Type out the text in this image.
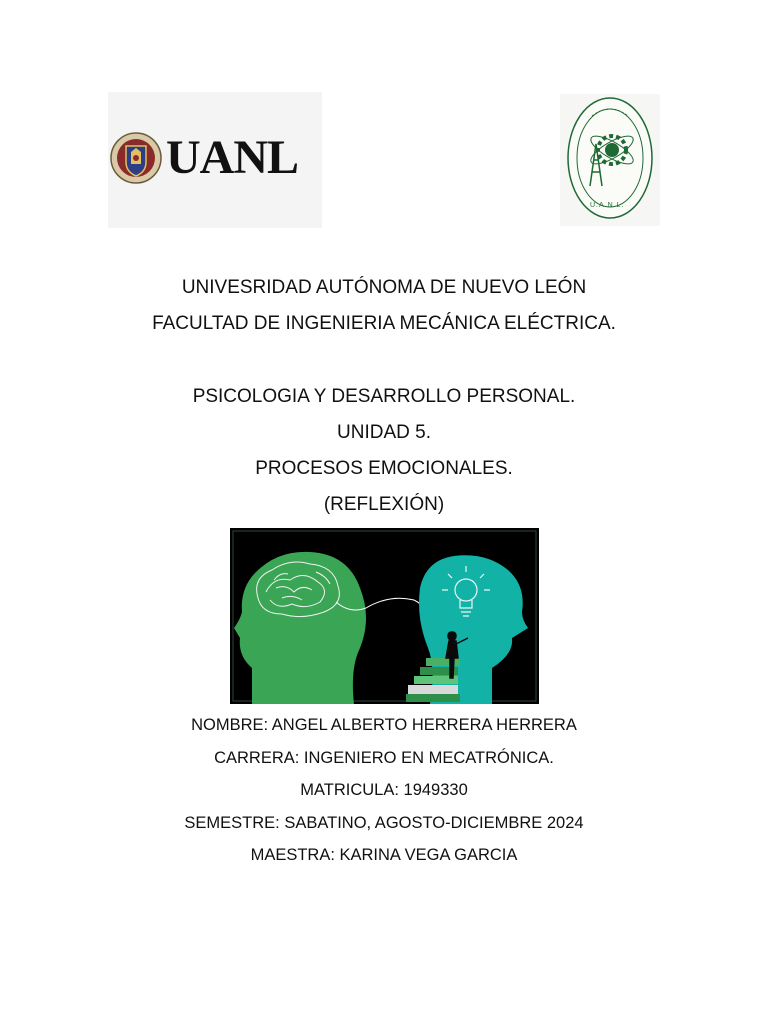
UANL
U.A.N.L.
UNIVESRIDAD AUTÓNOMA DE NUEVO LEÓN
FACULTAD DE INGENIERIA MECÁNICA ELÉCTRICA.
PSICOLOGIA Y DESARROLLO PERSONAL.
UNIDAD 5.
PROCESOS EMOCIONALES.
(REFLEXIÓN)
NOMBRE: ANGEL ALBERTO HERRERA HERRERA
CARRERA: INGENIERO EN MECATRÓNICA.
MATRICULA: 1949330
SEMESTRE: SABATINO, AGOSTO-DICIEMBRE 2024
MAESTRA: KARINA VEGA GARCIA
